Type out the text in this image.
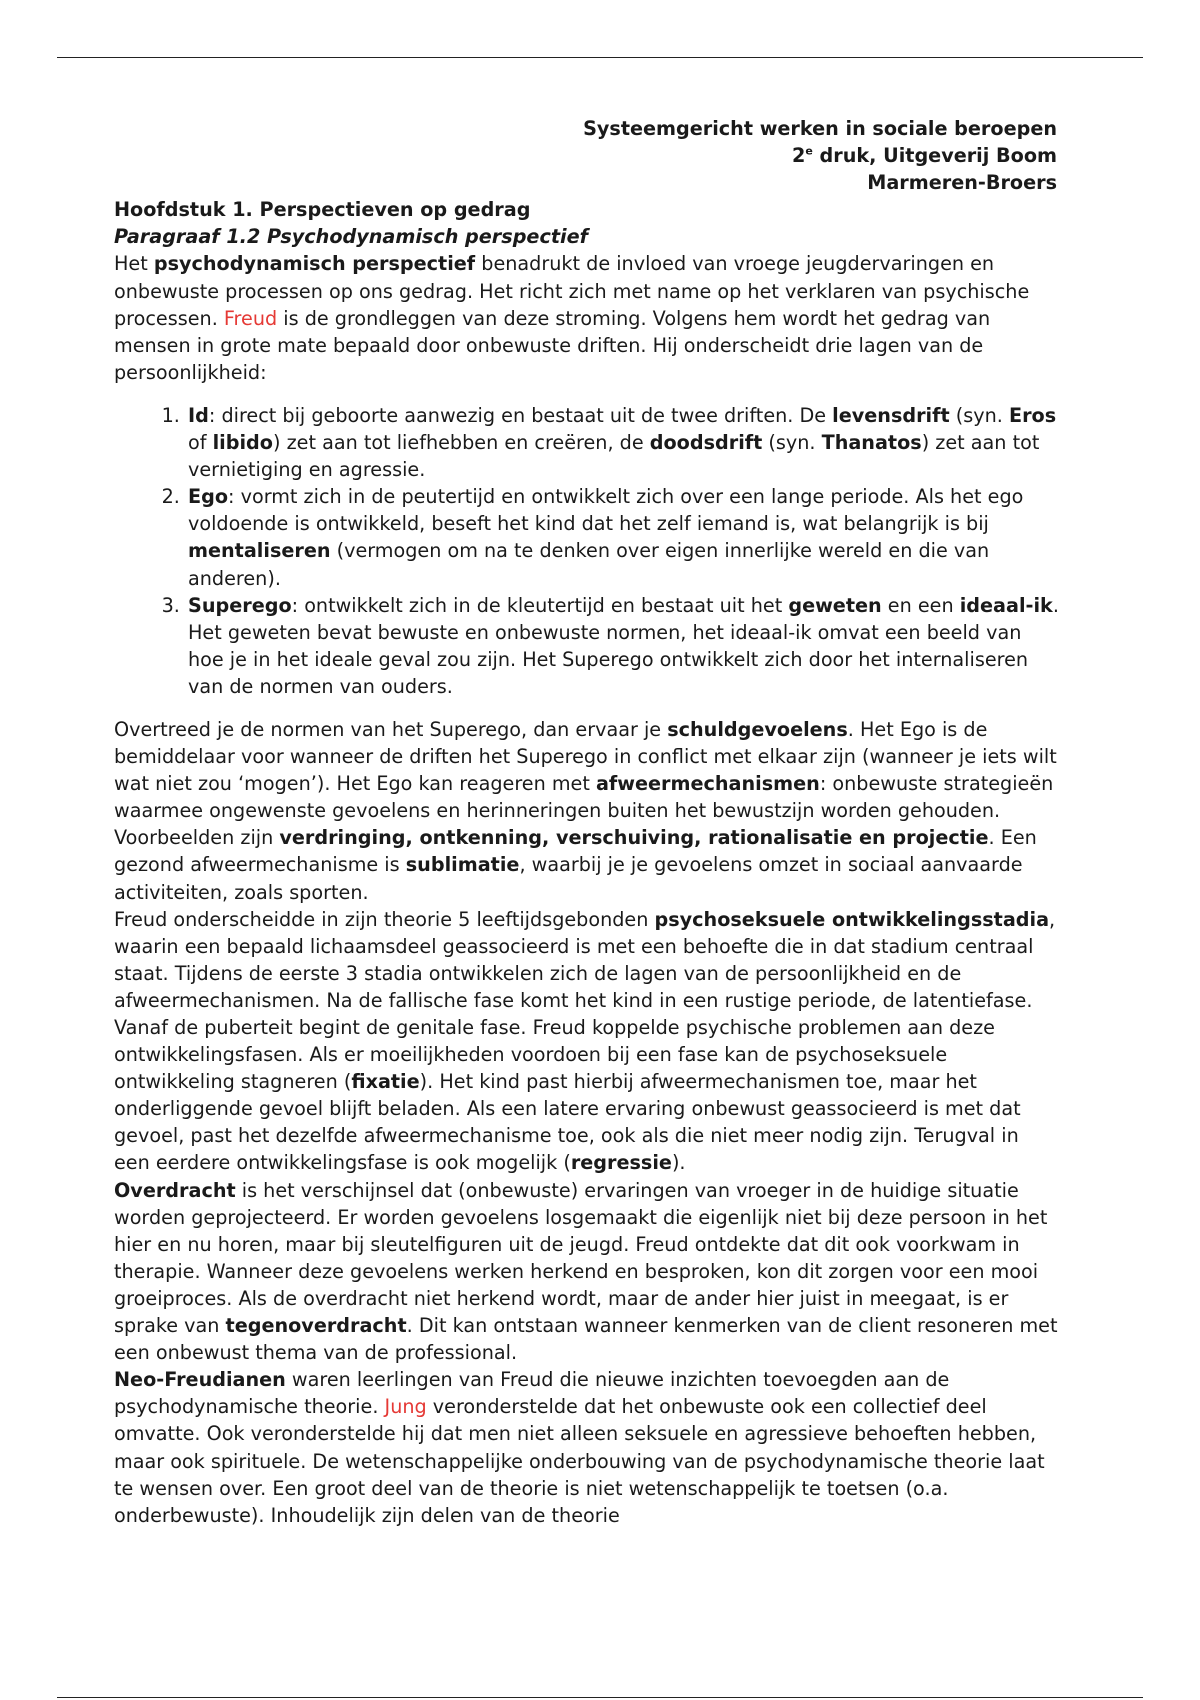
Systeemgericht werken in sociale beroepen
2e druk, Uitgeverij Boom
Marmeren-Broers
Hoofdstuk 1. Perspectieven op gedrag
Paragraaf 1.2 Psychodynamisch perspectief

Het psychodynamisch perspectief benadrukt de invloed van vroege jeugdervaringen en onbewuste processen op ons gedrag. Het richt zich met name op het verklaren van psychische processen. Freud is de grondleggen van deze stroming. Volgens hem wordt het gedrag van mensen in grote mate bepaald door onbewuste driften. Hij onderscheidt drie lagen van de persoonlijkheid:

1. Id: direct bij geboorte aanwezig en bestaat uit de twee driften. De levensdrift (syn. Eros of libido) zet aan tot liefhebben en creëren, de doodsdrift (syn. Thanatos) zet aan tot vernietiging en agressie.
2. Ego: vormt zich in de peutertijd en ontwikkelt zich over een lange periode. Als het ego voldoende is ontwikkeld, beseft het kind dat het zelf iemand is, wat belangrijk is bij mentaliseren (vermogen om na te denken over eigen innerlijke wereld en die van anderen).
3. Superego: ontwikkelt zich in de kleutertijd en bestaat uit het geweten en een ideaal-ik. Het geweten bevat bewuste en onbewuste normen, het ideaal-ik omvat een beeld van hoe je in het ideale geval zou zijn. Het Superego ontwikkelt zich door het internaliseren van de normen van ouders.

Overtreed je de normen van het Superego, dan ervaar je schuldgevoelens. Het Ego is de bemiddelaar voor wanneer de driften het Superego in conflict met elkaar zijn (wanneer je iets wilt wat niet zou ‘mogen’). Het Ego kan reageren met afweermechanismen: onbewuste strategieën waarmee ongewenste gevoelens en herinneringen buiten het bewustzijn worden gehouden. Voorbeelden zijn verdringing, ontkenning, verschuiving, rationalisatie en projectie. Een gezond afweermechanisme is sublimatie, waarbij je je gevoelens omzet in sociaal aanvaarde activiteiten, zoals sporten.

Freud onderscheidde in zijn theorie 5 leeftijdsgebonden psychoseksuele ontwikkelingsstadia, waarin een bepaald lichaamsdeel geassocieerd is met een behoefte die in dat stadium centraal staat. Tijdens de eerste 3 stadia ontwikkelen zich de lagen van de persoonlijkheid en de afweermechanismen. Na de fallische fase komt het kind in een rustige periode, de latentiefase. Vanaf de puberteit begint de genitale fase. Freud koppelde psychische problemen aan deze ontwikkelingsfasen. Als er moeilijkheden voordoen bij een fase kan de psychoseksuele ontwikkeling stagneren (fixatie). Het kind past hierbij afweermechanismen toe, maar het onderliggende gevoel blijft beladen. Als een latere ervaring onbewust geassocieerd is met dat gevoel, past het dezelfde afweermechanisme toe, ook als die niet meer nodig zijn. Terugval in een eerdere ontwikkelingsfase is ook mogelijk (regressie).

Overdracht is het verschijnsel dat (onbewuste) ervaringen van vroeger in de huidige situatie worden geprojecteerd. Er worden gevoelens losgemaakt die eigenlijk niet bij deze persoon in het hier en nu horen, maar bij sleutelfiguren uit de jeugd. Freud ontdekte dat dit ook voorkwam in therapie. Wanneer deze gevoelens werken herkend en besproken, kon dit zorgen voor een mooi groeiproces. Als de overdracht niet herkend wordt, maar de ander hier juist in meegaat, is er sprake van tegenoverdracht. Dit kan ontstaan wanneer kenmerken van de client resoneren met een onbewust thema van de professional.

Neo-Freudianen waren leerlingen van Freud die nieuwe inzichten toevoegden aan de psychodynamische theorie. Jung veronderstelde dat het onbewuste ook een collectief deel omvatte. Ook veronderstelde hij dat men niet alleen seksuele en agressieve behoeften hebben, maar ook spirituele. De wetenschappelijke onderbouwing van de psychodynamische theorie laat te wensen over. Een groot deel van de theorie is niet wetenschappelijk te toetsen (o.a. onderbewuste). Inhoudelijk zijn delen van de theorie
